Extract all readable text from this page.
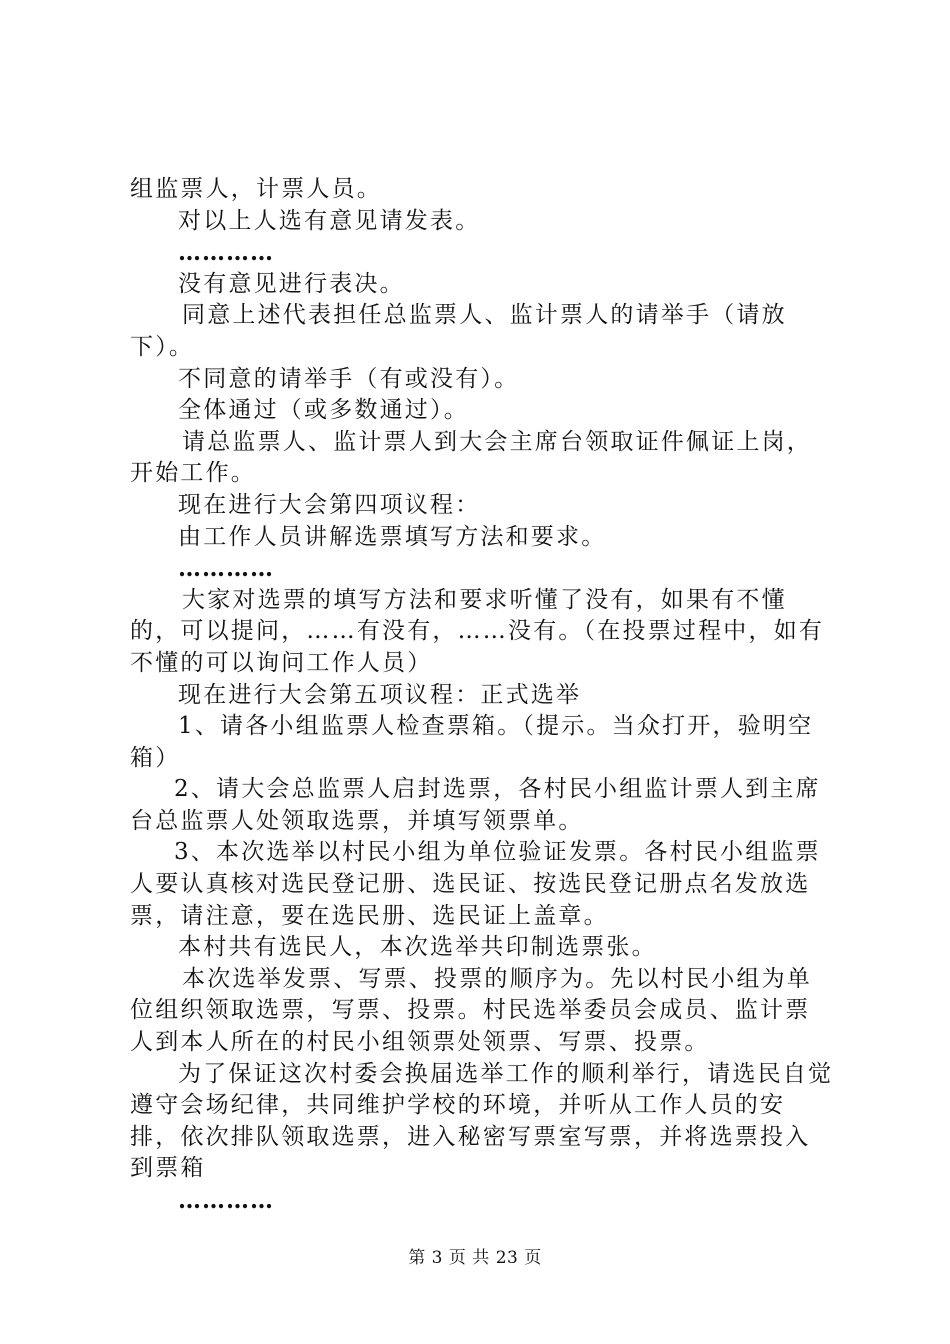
组监票人，计票人员。

对以上人选有意见请发表。

…………

没有意见进行表决。

同意上述代表担任总监票人、监计票人的请举手（请放下）。

不同意的请举手（有或没有）。

全体通过（或多数通过）。

请总监票人、监计票人到大会主席台领取证件佩证上岗，开始工作。

现在进行大会第四项议程：

由工作人员讲解选票填写方法和要求。

…………

大家对选票的填写方法和要求听懂了没有，如果有不懂的，可以提问，……有没有，……没有。（在投票过程中，如有不懂的可以询问工作人员）

现在进行大会第五项议程：正式选举

1、请各小组监票人检查票箱。（提示。当众打开，验明空箱）

2、请大会总监票人启封选票，各村民小组监计票人到主席台总监票人处领取选票，并填写领票单。

3、本次选举以村民小组为单位验证发票。各村民小组监票人要认真核对选民登记册、选民证、按选民登记册点名发放选票，请注意，要在选民册、选民证上盖章。

本村共有选民人，本次选举共印制选票张。

本次选举发票、写票、投票的顺序为。先以村民小组为单位组织领取选票，写票、投票。村民选举委员会成员、监计票人到本人所在的村民小组领票处领票、写票、投票。

为了保证这次村委会换届选举工作的顺利举行，请选民自觉遵守会场纪律，共同维护学校的环境，并听从工作人员的安排，依次排队领取选票，进入秘密写票室写票，并将选票投入到票箱

…………

第 3 页 共 23 页
